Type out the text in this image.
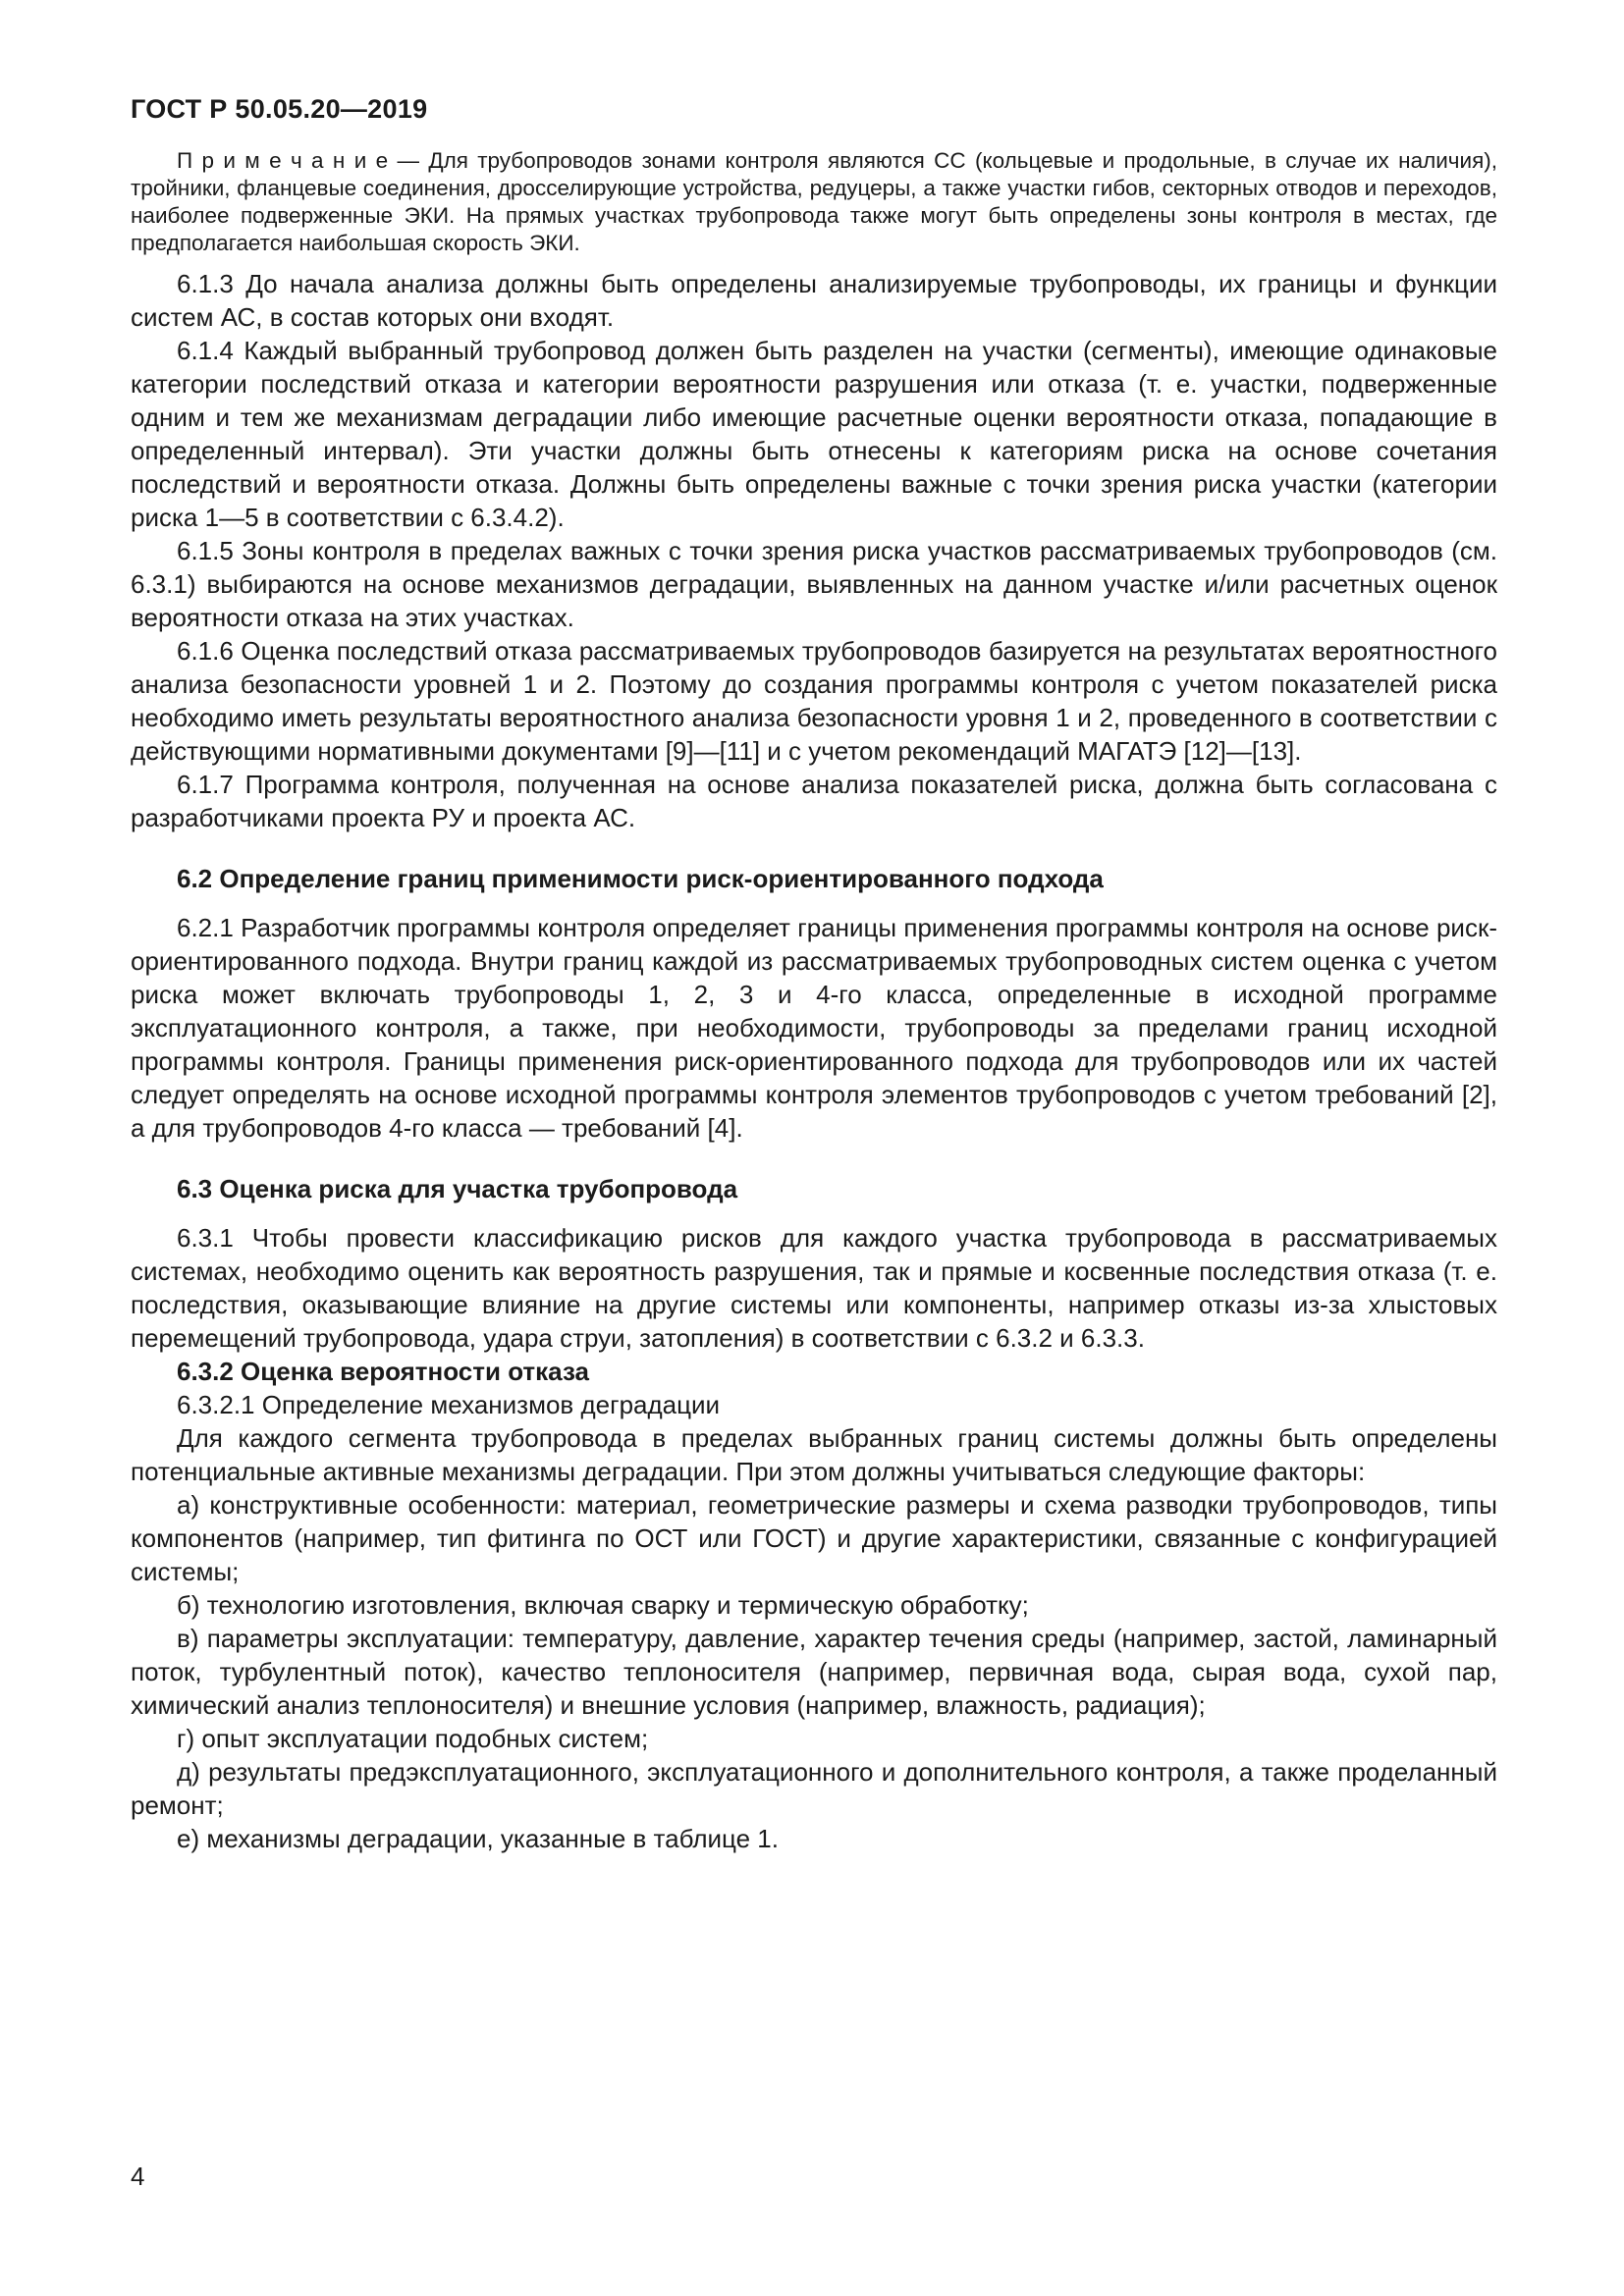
ГОСТ Р 50.05.20—2019

П р и м е ч а н и е — Для трубопроводов зонами контроля являются СС (кольцевые и продольные, в случае их наличия), тройники, фланцевые соединения, дросселирующие устройства, редуцеры, а также участки гибов, секторных отводов и переходов, наиболее подверженные ЭКИ. На прямых участках трубопровода также могут быть определены зоны контроля в местах, где предполагается наибольшая скорость ЭКИ.

6.1.3 До начала анализа должны быть определены анализируемые трубопроводы, их границы и функции систем АС, в состав которых они входят.

6.1.4 Каждый выбранный трубопровод должен быть разделен на участки (сегменты), имеющие одинаковые категории последствий отказа и категории вероятности разрушения или отказа (т. е. участки, подверженные одним и тем же механизмам деградации либо имеющие расчетные оценки вероятности отказа, попадающие в определенный интервал). Эти участки должны быть отнесены к категориям риска на основе сочетания последствий и вероятности отказа. Должны быть определены важные с точки зрения риска участки (категории риска 1—5 в соответствии с 6.3.4.2).

6.1.5 Зоны контроля в пределах важных с точки зрения риска участков рассматриваемых трубопроводов (см. 6.3.1) выбираются на основе механизмов деградации, выявленных на данном участке и/или расчетных оценок вероятности отказа на этих участках.

6.1.6 Оценка последствий отказа рассматриваемых трубопроводов базируется на результатах вероятностного анализа безопасности уровней 1 и 2. Поэтому до создания программы контроля с учетом показателей риска необходимо иметь результаты вероятностного анализа безопасности уровня 1 и 2, проведенного в соответствии с действующими нормативными документами [9]—[11] и с учетом рекомендаций МАГАТЭ [12]—[13].

6.1.7 Программа контроля, полученная на основе анализа показателей риска, должна быть согласована с разработчиками проекта РУ и проекта АС.

6.2 Определение границ применимости риск-ориентированного подхода

6.2.1 Разработчик программы контроля определяет границы применения программы контроля на основе риск-ориентированного подхода. Внутри границ каждой из рассматриваемых трубопроводных систем оценка с учетом риска может включать трубопроводы 1, 2, 3 и 4-го класса, определенные в исходной программе эксплуатационного контроля, а также, при необходимости, трубопроводы за пределами границ исходной программы контроля. Границы применения риск-ориентированного подхода для трубопроводов или их частей следует определять на основе исходной программы контроля элементов трубопроводов с учетом требований [2], а для трубопроводов 4-го класса — требований [4].

6.3 Оценка риска для участка трубопровода

6.3.1 Чтобы провести классификацию рисков для каждого участка трубопровода в рассматриваемых системах, необходимо оценить как вероятность разрушения, так и прямые и косвенные последствия отказа (т. е. последствия, оказывающие влияние на другие системы или компоненты, например отказы из-за хлыстовых перемещений трубопровода, удара струи, затопления) в соответствии с 6.3.2 и 6.3.3.

6.3.2 Оценка вероятности отказа

6.3.2.1 Определение механизмов деградации

Для каждого сегмента трубопровода в пределах выбранных границ системы должны быть определены потенциальные активные механизмы деградации. При этом должны учитываться следующие факторы:

а) конструктивные особенности: материал, геометрические размеры и схема разводки трубопроводов, типы компонентов (например, тип фитинга по ОСТ или ГОСТ) и другие характеристики, связанные с конфигурацией системы;

б) технологию изготовления, включая сварку и термическую обработку;

в) параметры эксплуатации: температуру, давление, характер течения среды (например, застой, ламинарный поток, турбулентный поток), качество теплоносителя (например, первичная вода, сырая вода, сухой пар, химический анализ теплоносителя) и внешние условия (например, влажность, радиация);

г) опыт эксплуатации подобных систем;

д) результаты предэксплуатационного, эксплуатационного и дополнительного контроля, а также проделанный ремонт;

е) механизмы деградации, указанные в таблице 1.

4
